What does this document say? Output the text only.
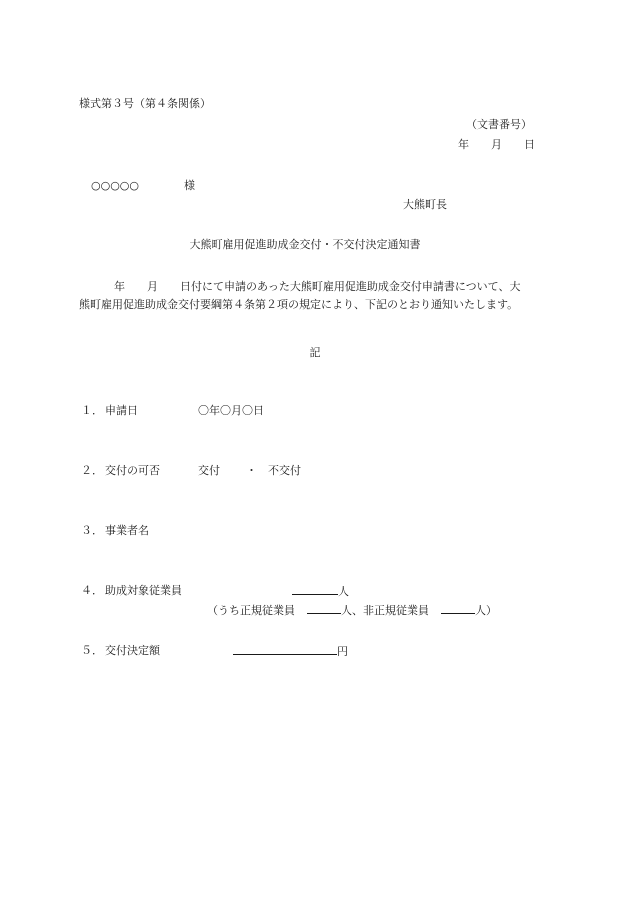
様式第３号（第４条関係）
（文書番号）
年　　月　　日
○○○○○	様
大熊町長
大熊町雇用促進助成金交付・不交付決定通知書
年　　月　　日付にて申請のあった大熊町雇用促進助成金交付申請書について、大
熊町雇用促進助成金交付要綱第４条第２項の規定により、下記のとおり通知いたします。
記
１． 申請日	〇年〇月〇日
２． 交付の可否	交付 ・ 不交付
３． 事業者名
４． 助成対象従業員	人
（うち正規従業員	人、非正規従業員	人）
５． 交付決定額	円
